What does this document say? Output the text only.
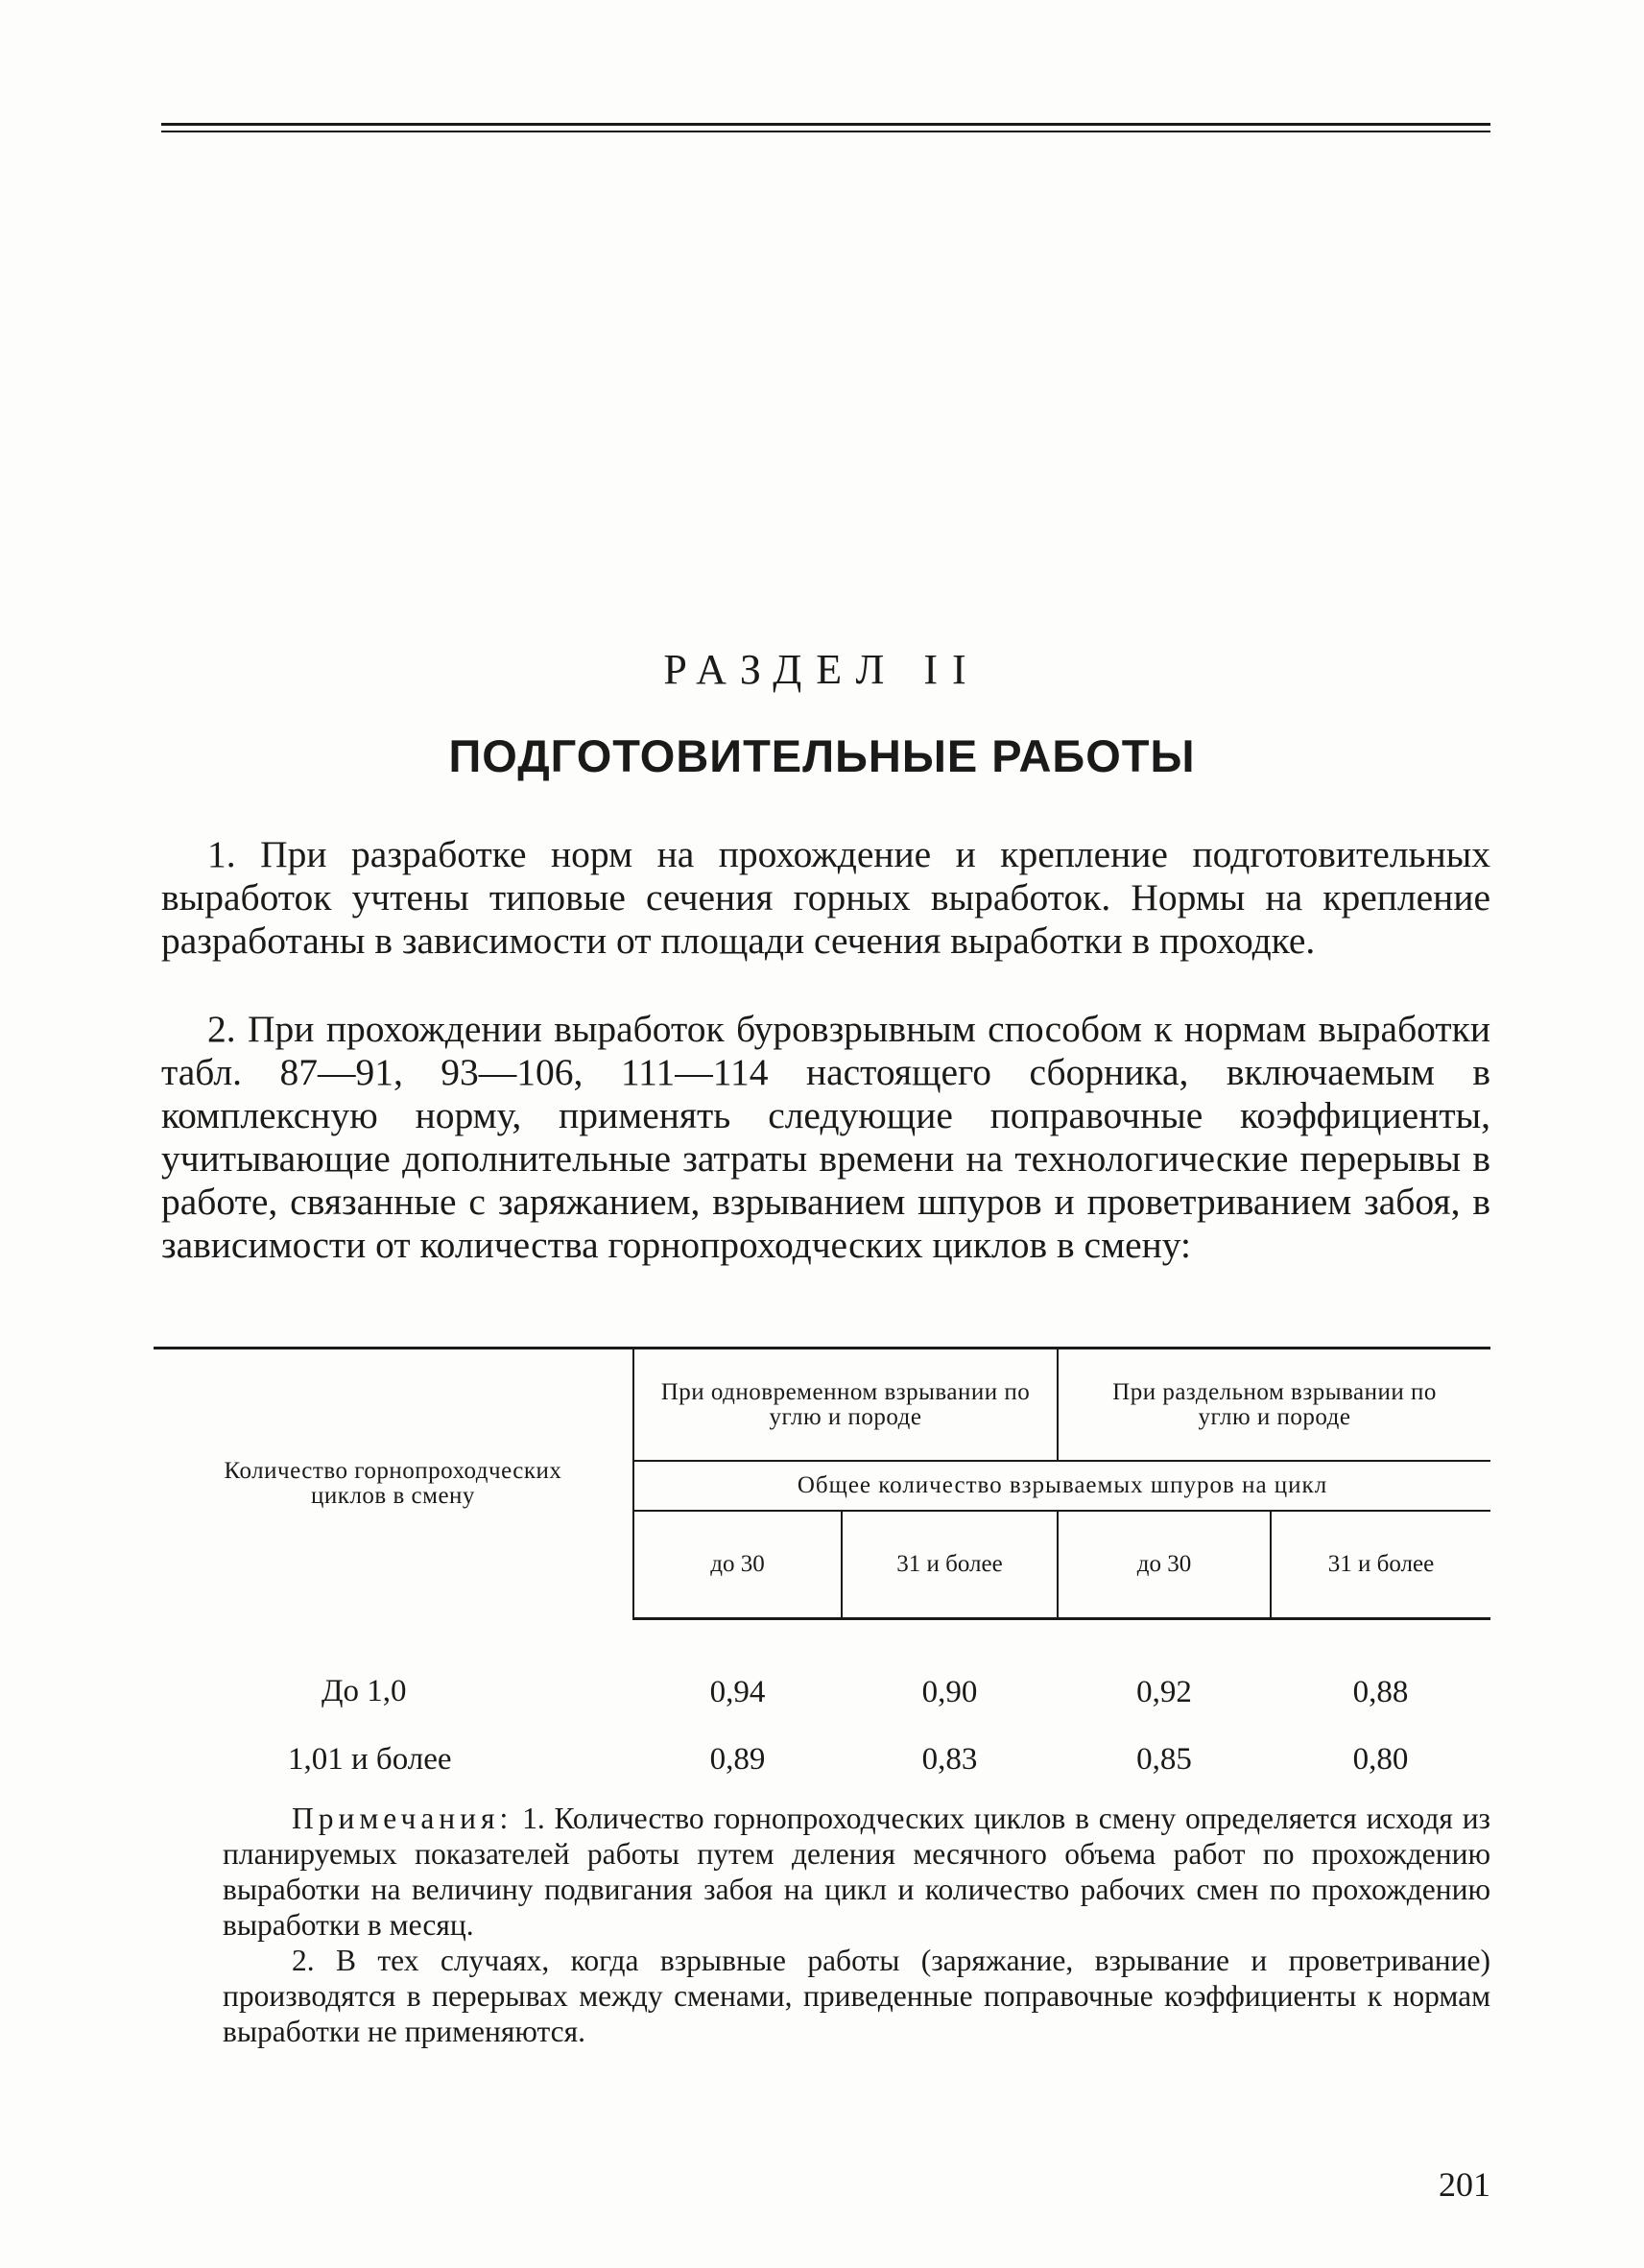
РАЗДЕЛ II
ПОДГОТОВИТЕЛЬНЫЕ РАБОТЫ

1. При разработке норм на прохождение и крепление подготовительных выработок учтены типовые сечения горных выработок. Нормы на крепление разработаны в зависимости от площади сечения выработки в проходке.

2. При прохождении выработок буровзрывным способом к нормам выработки табл. 87—91, 93—106, 111—114 настоящего сборника, включаемым в комплексную норму, применять следующие поправочные коэффициенты, учитывающие дополнительные затраты времени на технологические перерывы в работе, связанные с заряжанием, взрыванием шпуров и проветриванием забоя, в зависимости от количества горнопроходческих циклов в смену:

Количество горнопроходческих циклов в смену	При одновременном взрывании по углю и породе		При раздельном взрывании по углю и породе	
	Общее количество взрываемых шпуров на цикл			
	до 30	31 и более	до 30	31 и более
До 1,0	0,94	0,90	0,92	0,88
1,01 и более	0,89	0,83	0,85	0,80

Примечания: 1. Количество горнопроходческих циклов в смену определяется исходя из планируемых показателей работы путем деления месячного объема работ по прохождению выработки на величину подвигания забоя на цикл и количество рабочих смен по прохождению выработки в месяц.

2. В тех случаях, когда взрывные работы (заряжание, взрывание и проветривание) производятся в перерывах между сменами, приведенные поправочные коэффициенты к нормам выработки не применяются.

201
